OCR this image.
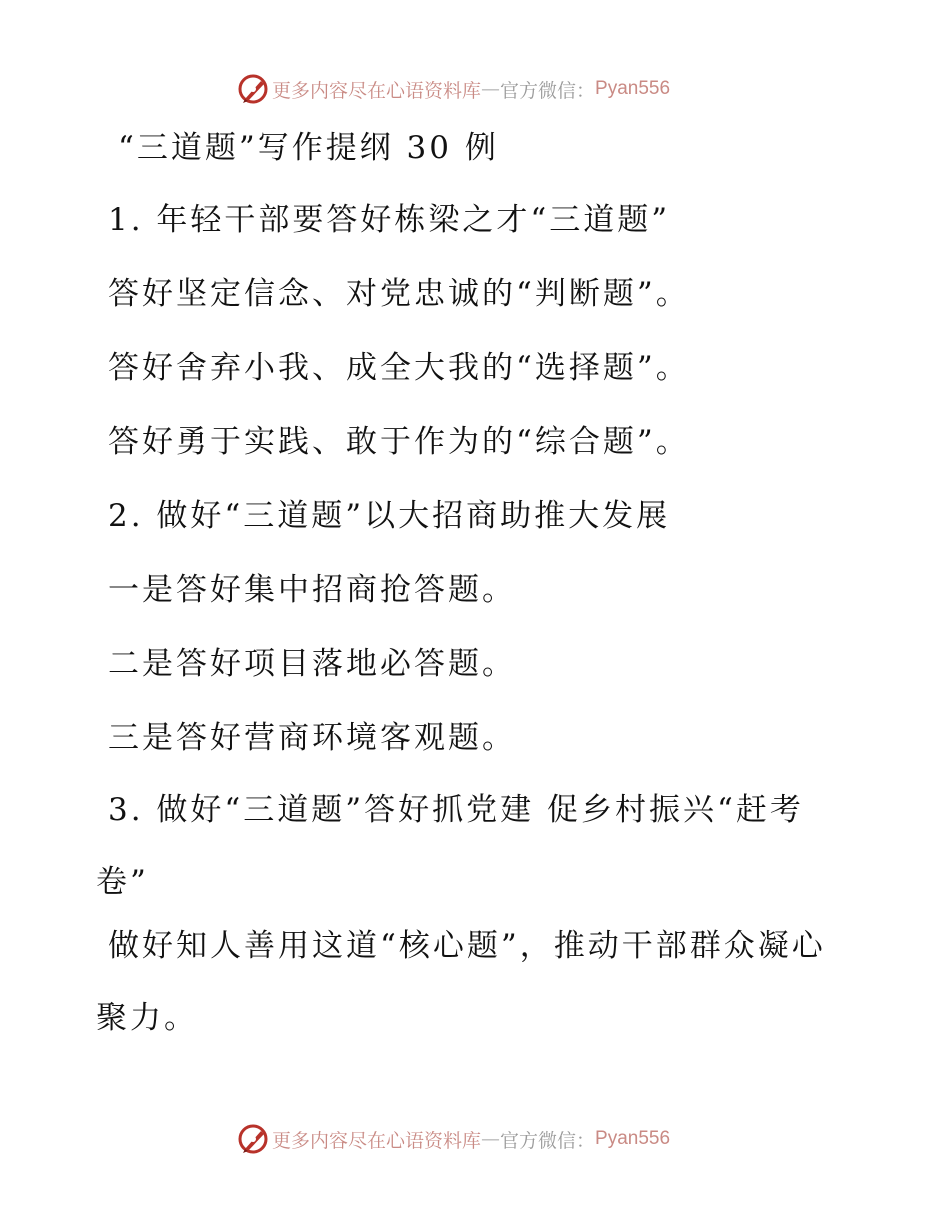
更多内容尽在心语资料库 — 官方微信： Pyan556
“三道题”写作提纲 30 例
1. 年轻干部要答好栋梁之才“三道题”
答好坚定信念、对党忠诚的“判断题”。
答好舍弃小我、成全大我的“选择题”。
答好勇于实践、敢于作为的“综合题”。
2. 做好“三道题”以大招商助推大发展
一是答好集中招商抢答题。
二是答好项目落地必答题。
三是答好营商环境客观题。
3. 做好“三道题”答好抓党建 促乡村振兴“赶考卷”
做好知人善用这道“核心题”，推动干部群众凝心聚力。
更多内容尽在心语资料库 — 官方微信： Pyan556
